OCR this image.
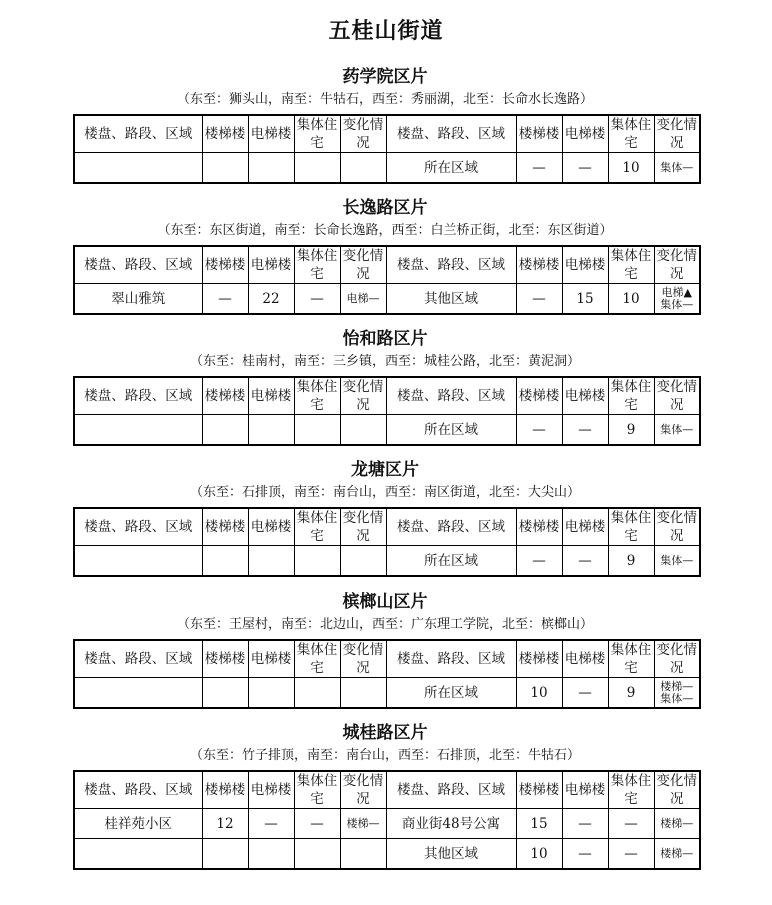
五桂山街道
药学院区片
（东至：狮头山，南至：牛牯石，西至：秀丽湖，北至：长命水长逸路）
楼盘、路段、区域	楼梯楼	电梯楼	集体住宅	变化情况	楼盘、路段、区域	楼梯楼	电梯楼	集体住宅	变化情况
					所在区域	—	—	10	集体—
长逸路区片
（东至：东区街道，南至：长命长逸路，西至：白兰桥正街，北至：东区街道）
楼盘、路段、区域	楼梯楼	电梯楼	集体住宅	变化情况	楼盘、路段、区域	楼梯楼	电梯楼	集体住宅	变化情况
翠山雅筑	—	22	—	电梯—	其他区域	—	15	10	电梯▲
集体—
怡和路区片
（东至：桂南村，南至：三乡镇，西至：城桂公路，北至：黄泥洞）
楼盘、路段、区域	楼梯楼	电梯楼	集体住宅	变化情况	楼盘、路段、区域	楼梯楼	电梯楼	集体住宅	变化情况
					所在区域	—	—	9	集体—
龙塘区片
（东至：石排顶，南至：南台山，西至：南区街道，北至：大尖山）
楼盘、路段、区域	楼梯楼	电梯楼	集体住宅	变化情况	楼盘、路段、区域	楼梯楼	电梯楼	集体住宅	变化情况
					所在区域	—	—	9	集体—
槟榔山区片
（东至：王屋村，南至：北边山，西至：广东理工学院，北至：槟榔山）
楼盘、路段、区域	楼梯楼	电梯楼	集体住宅	变化情况	楼盘、路段、区域	楼梯楼	电梯楼	集体住宅	变化情况
					所在区域	10	—	9	楼梯—
集体—
城桂路区片
（东至：竹子排顶，南至：南台山，西至：石排顶，北至：牛牯石）
楼盘、路段、区域	楼梯楼	电梯楼	集体住宅	变化情况	楼盘、路段、区域	楼梯楼	电梯楼	集体住宅	变化情况
桂祥苑小区	12	—	—	楼梯—	商业街48号公寓	15	—	—	楼梯—
					其他区域	10	—	—	楼梯—
